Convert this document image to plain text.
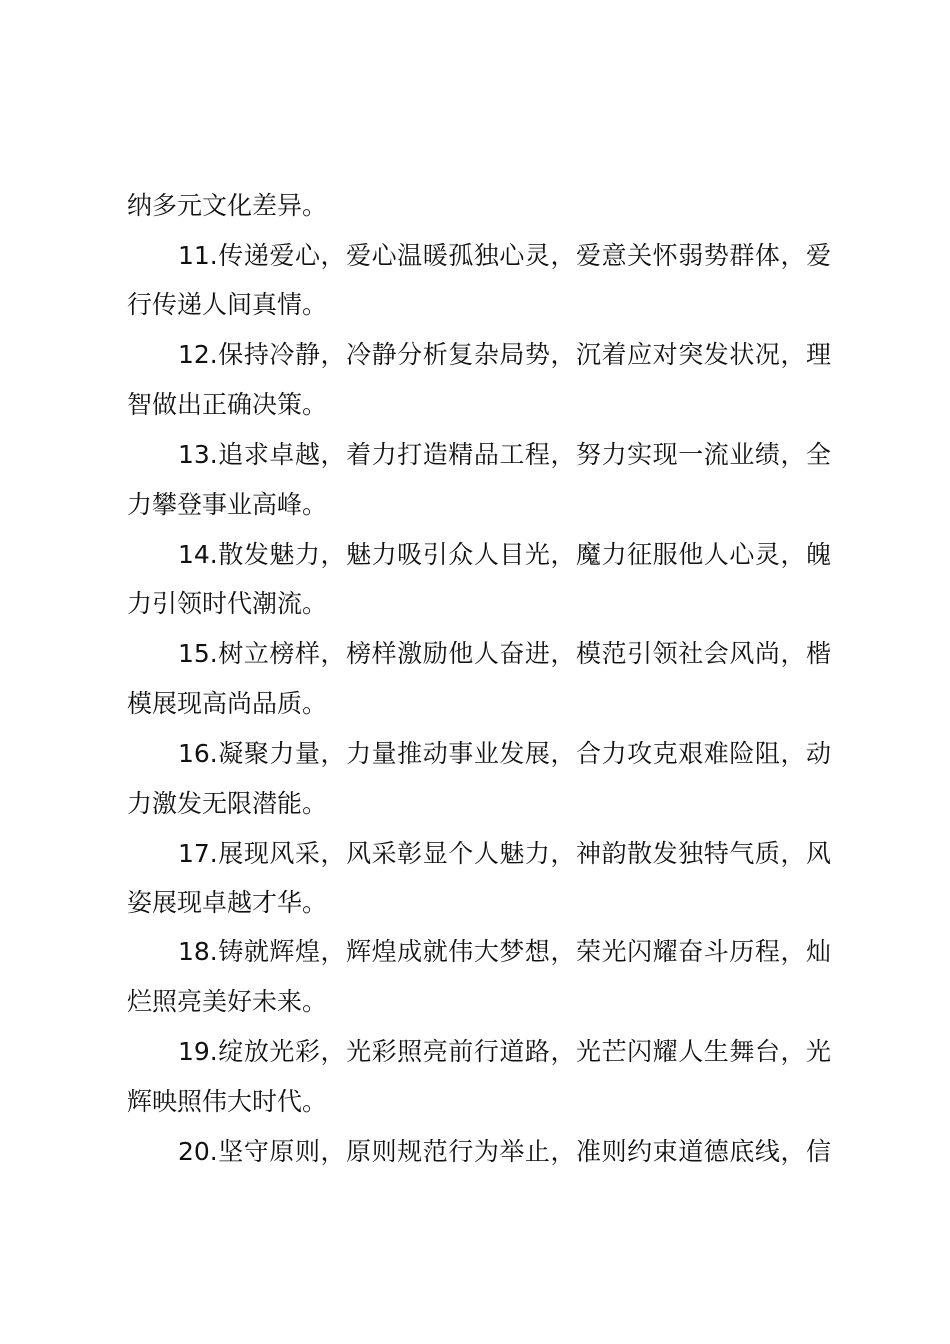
纳多元文化差异。
11.传递爱心，爱心温暖孤独心灵，爱意关怀弱势群体，爱
行传递人间真情。
12.保持冷静，冷静分析复杂局势，沉着应对突发状况，理
智做出正确决策。
13.追求卓越，着力打造精品工程，努力实现一流业绩，全
力攀登事业高峰。
14.散发魅力，魅力吸引众人目光，魔力征服他人心灵，魄
力引领时代潮流。
15.树立榜样，榜样激励他人奋进，模范引领社会风尚，楷
模展现高尚品质。
16.凝聚力量，力量推动事业发展，合力攻克艰难险阻，动
力激发无限潜能。
17.展现风采，风采彰显个人魅力，神韵散发独特气质，风
姿展现卓越才华。
18.铸就辉煌，辉煌成就伟大梦想，荣光闪耀奋斗历程，灿
烂照亮美好未来。
19.绽放光彩，光彩照亮前行道路，光芒闪耀人生舞台，光
辉映照伟大时代。
20.坚守原则，原则规范行为举止，准则约束道德底线，信
